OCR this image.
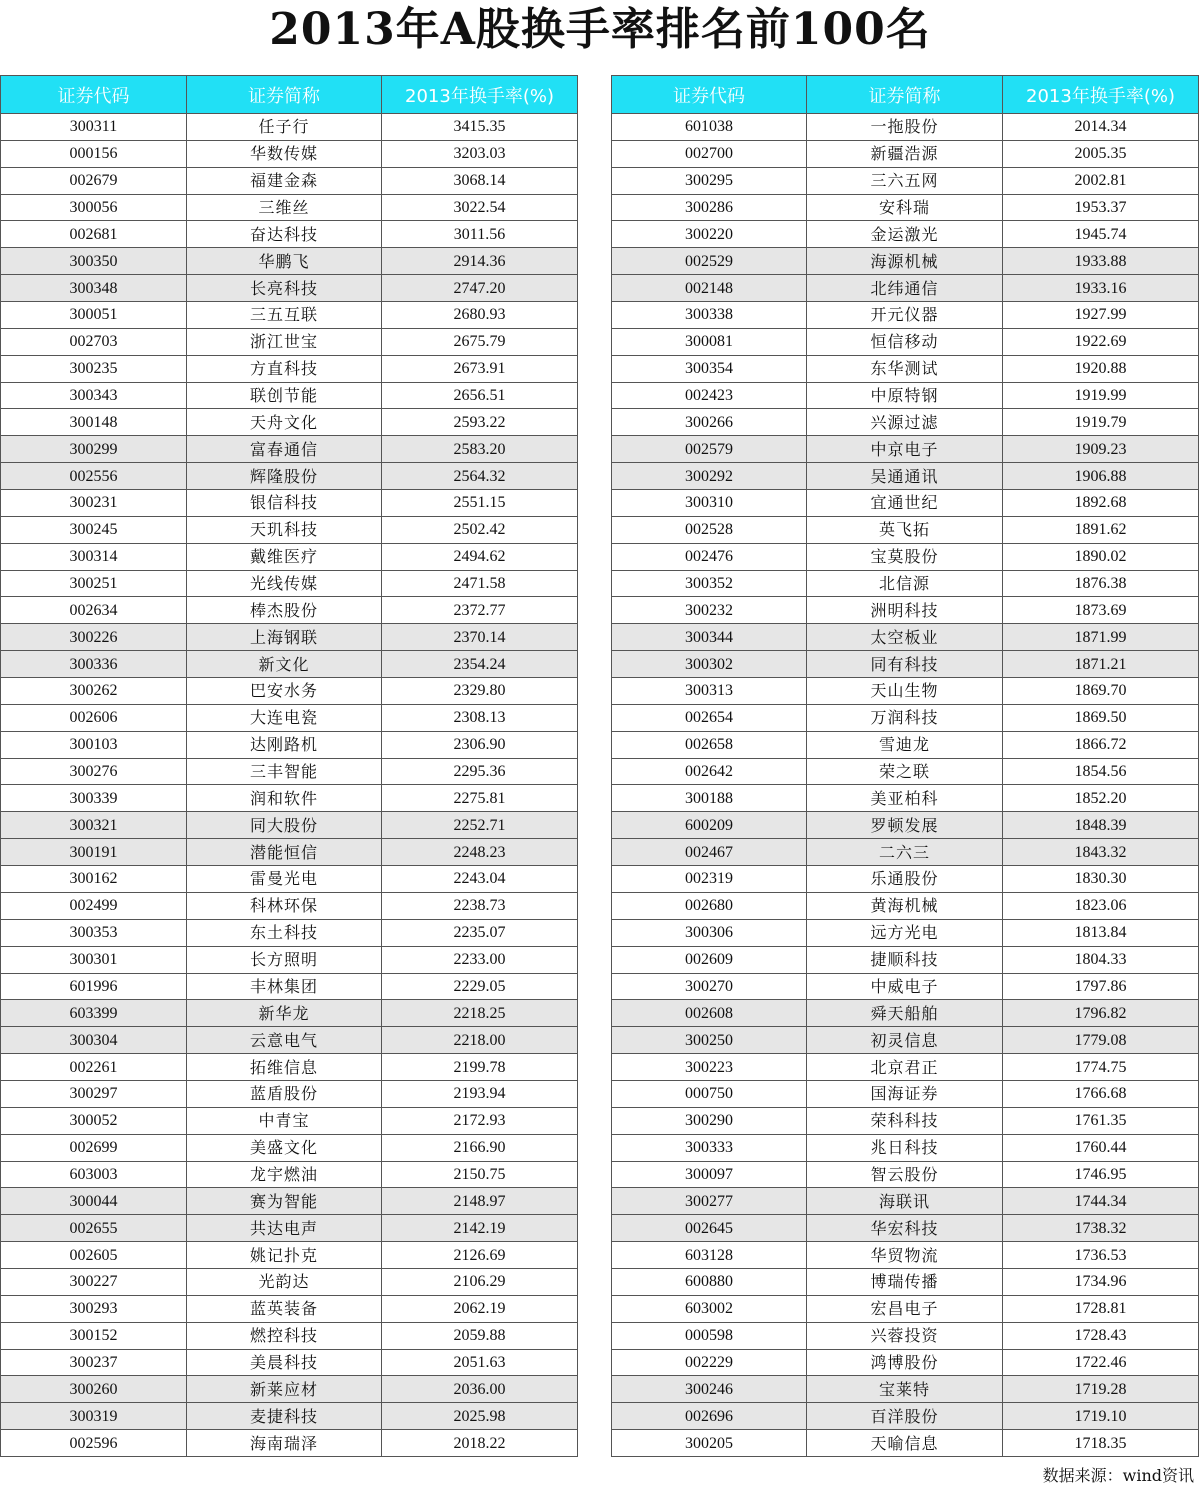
2013年A股换手率排名前100名
证券代码	证券简称	2013年换手率(%)
300311	任子行	3415.35
000156	华数传媒	3203.03
002679	福建金森	3068.14
300056	三维丝	3022.54
002681	奋达科技	3011.56
300350	华鹏飞	2914.36
300348	长亮科技	2747.20
300051	三五互联	2680.93
002703	浙江世宝	2675.79
300235	方直科技	2673.91
300343	联创节能	2656.51
300148	天舟文化	2593.22
300299	富春通信	2583.20
002556	辉隆股份	2564.32
300231	银信科技	2551.15
300245	天玑科技	2502.42
300314	戴维医疗	2494.62
300251	光线传媒	2471.58
002634	棒杰股份	2372.77
300226	上海钢联	2370.14
300336	新文化	2354.24
300262	巴安水务	2329.80
002606	大连电瓷	2308.13
300103	达刚路机	2306.90
300276	三丰智能	2295.36
300339	润和软件	2275.81
300321	同大股份	2252.71
300191	潜能恒信	2248.23
300162	雷曼光电	2243.04
002499	科林环保	2238.73
300353	东土科技	2235.07
300301	长方照明	2233.00
601996	丰林集团	2229.05
603399	新华龙	2218.25
300304	云意电气	2218.00
002261	拓维信息	2199.78
300297	蓝盾股份	2193.94
300052	中青宝	2172.93
002699	美盛文化	2166.90
603003	龙宇燃油	2150.75
300044	赛为智能	2148.97
002655	共达电声	2142.19
002605	姚记扑克	2126.69
300227	光韵达	2106.29
300293	蓝英装备	2062.19
300152	燃控科技	2059.88
300237	美晨科技	2051.63
300260	新莱应材	2036.00
300319	麦捷科技	2025.98
002596	海南瑞泽	2018.22
证券代码	证券简称	2013年换手率(%)
601038	一拖股份	2014.34
002700	新疆浩源	2005.35
300295	三六五网	2002.81
300286	安科瑞	1953.37
300220	金运激光	1945.74
002529	海源机械	1933.88
002148	北纬通信	1933.16
300338	开元仪器	1927.99
300081	恒信移动	1922.69
300354	东华测试	1920.88
002423	中原特钢	1919.99
300266	兴源过滤	1919.79
002579	中京电子	1909.23
300292	吴通通讯	1906.88
300310	宜通世纪	1892.68
002528	英飞拓	1891.62
002476	宝莫股份	1890.02
300352	北信源	1876.38
300232	洲明科技	1873.69
300344	太空板业	1871.99
300302	同有科技	1871.21
300313	天山生物	1869.70
002654	万润科技	1869.50
002658	雪迪龙	1866.72
002642	荣之联	1854.56
300188	美亚柏科	1852.20
600209	罗顿发展	1848.39
002467	二六三	1843.32
002319	乐通股份	1830.30
002680	黄海机械	1823.06
300306	远方光电	1813.84
002609	捷顺科技	1804.33
300270	中威电子	1797.86
002608	舜天船舶	1796.82
300250	初灵信息	1779.08
300223	北京君正	1774.75
000750	国海证券	1766.68
300290	荣科科技	1761.35
300333	兆日科技	1760.44
300097	智云股份	1746.95
300277	海联讯	1744.34
002645	华宏科技	1738.32
603128	华贸物流	1736.53
600880	博瑞传播	1734.96
603002	宏昌电子	1728.81
000598	兴蓉投资	1728.43
002229	鸿博股份	1722.46
300246	宝莱特	1719.28
002696	百洋股份	1719.10
300205	天喻信息	1718.35
数据来源：wind资讯
